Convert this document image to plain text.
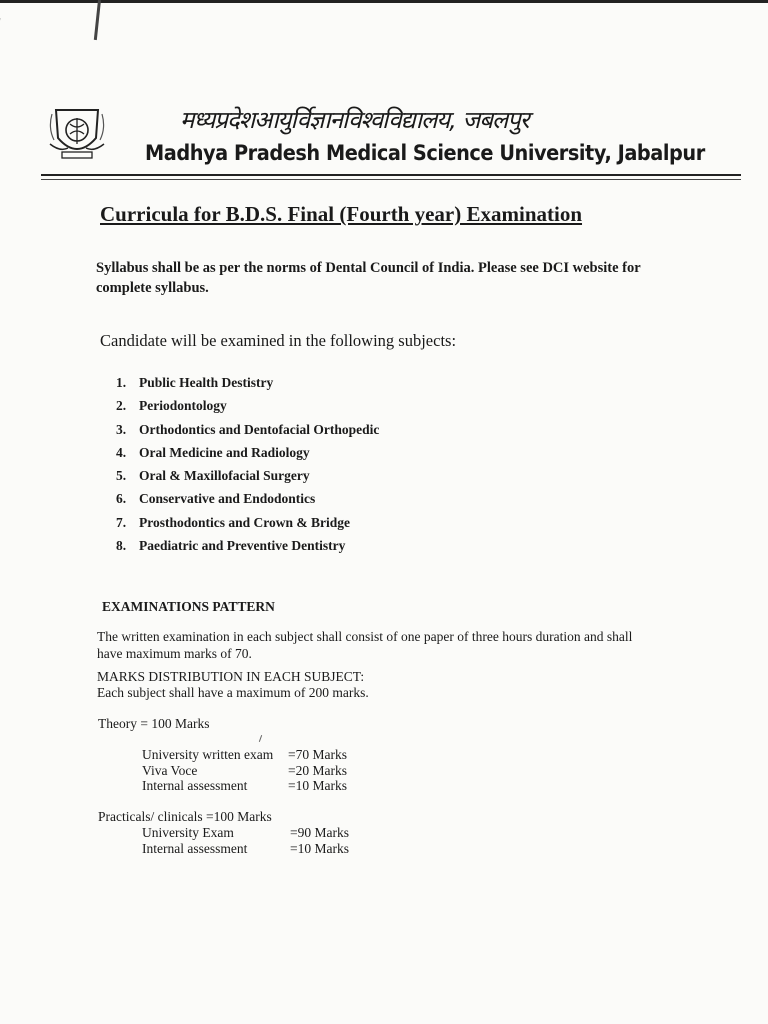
मध्यप्रदेशआयुर्विज्ञानविश्वविद्यालय, जबलपुर
Madhya Pradesh Medical Science University, Jabalpur
Curricula for B.D.S. Final (Fourth year) Examination
Syllabus shall be as per the norms of Dental Council of India. Please see DCI website for complete syllabus.
Candidate will be examined in the following subjects:
1. Public Health Destistry
2. Periodontology
3. Orthodontics and Dentofacial Orthopedic
4. Oral Medicine and Radiology
5. Oral & Maxillofacial Surgery
6. Conservative and Endodontics
7. Prosthodontics and Crown & Bridge
8. Paediatric and Preventive Dentistry
EXAMINATIONS PATTERN
The written examination in each subject shall consist of one paper of three hours duration and shall have maximum marks of 70.
MARKS DISTRIBUTION IN EACH SUBJECT:
Each subject shall have a maximum of 200 marks.
Theory = 100 Marks
University written exam =70 Marks
Viva Voce	=20 Marks
Internal assessment	=10 Marks
Practicals/ clinicals =100 Marks
University Exam	=90 Marks
Internal assessment	=10 Marks
